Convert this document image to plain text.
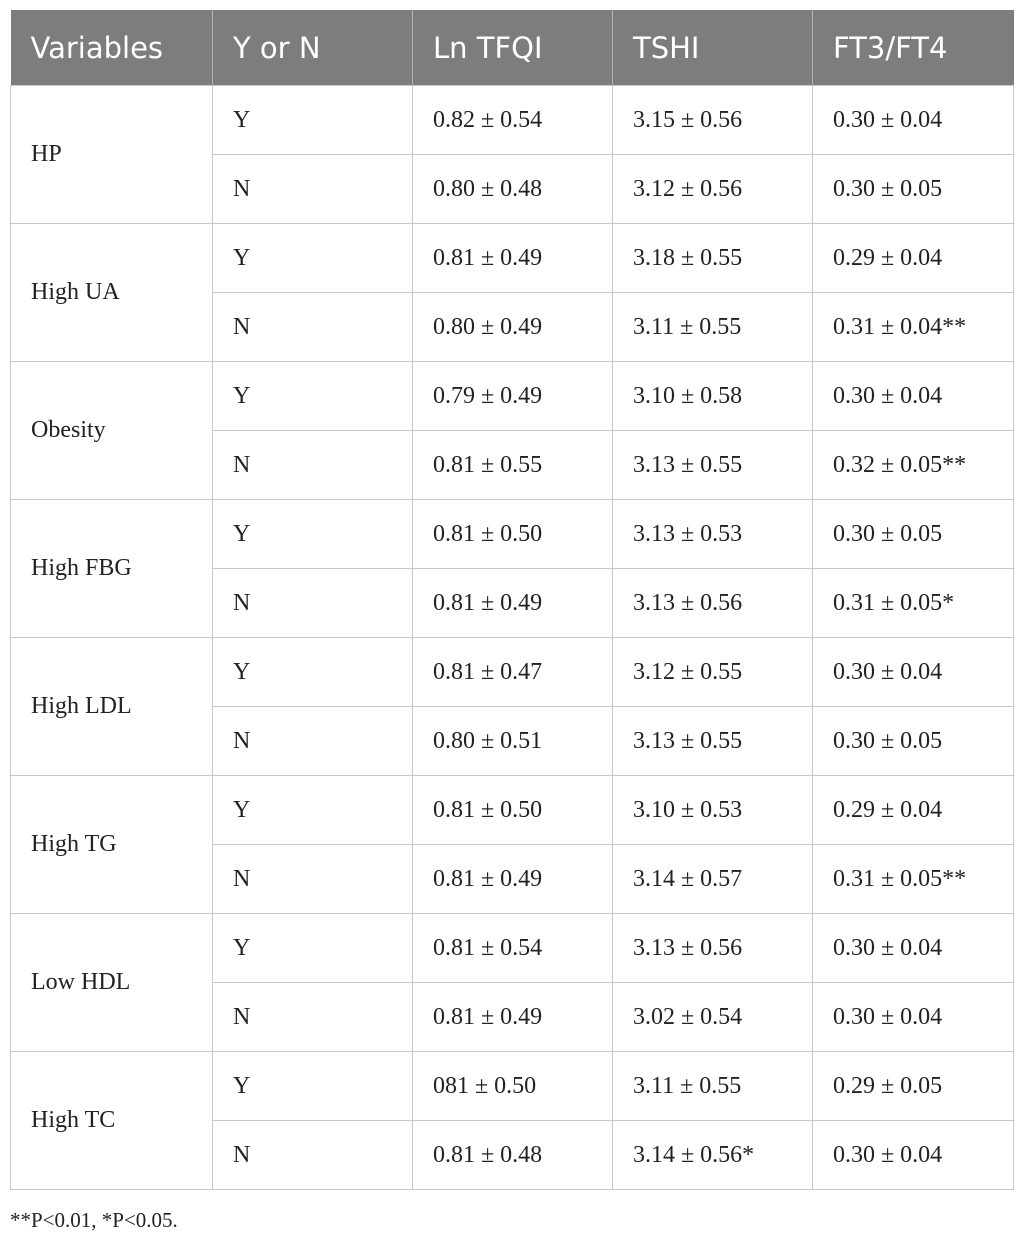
Variables	Y or N	Ln TFQI	TSHI	FT3/FT4
HP	Y	0.82 ± 0.54	3.15 ± 0.56	0.30 ± 0.04
	N	0.80 ± 0.48	3.12 ± 0.56	0.30 ± 0.05
High UA	Y	0.81 ± 0.49	3.18 ± 0.55	0.29 ± 0.04
	N	0.80 ± 0.49	3.11 ± 0.55	0.31 ± 0.04**
Obesity	Y	0.79 ± 0.49	3.10 ± 0.58	0.30 ± 0.04
	N	0.81 ± 0.55	3.13 ± 0.55	0.32 ± 0.05**
High FBG	Y	0.81 ± 0.50	3.13 ± 0.53	0.30 ± 0.05
	N	0.81 ± 0.49	3.13 ± 0.56	0.31 ± 0.05*
High LDL	Y	0.81 ± 0.47	3.12 ± 0.55	0.30 ± 0.04
	N	0.80 ± 0.51	3.13 ± 0.55	0.30 ± 0.05
High TG	Y	0.81 ± 0.50	3.10 ± 0.53	0.29 ± 0.04
	N	0.81 ± 0.49	3.14 ± 0.57	0.31 ± 0.05**
Low HDL	Y	0.81 ± 0.54	3.13 ± 0.56	0.30 ± 0.04
	N	0.81 ± 0.49	3.02 ± 0.54	0.30 ± 0.04
High TC	Y	081 ± 0.50	3.11 ± 0.55	0.29 ± 0.05
	N	0.81 ± 0.48	3.14 ± 0.56*	0.30 ± 0.04
**P<0.01, *P<0.05.
